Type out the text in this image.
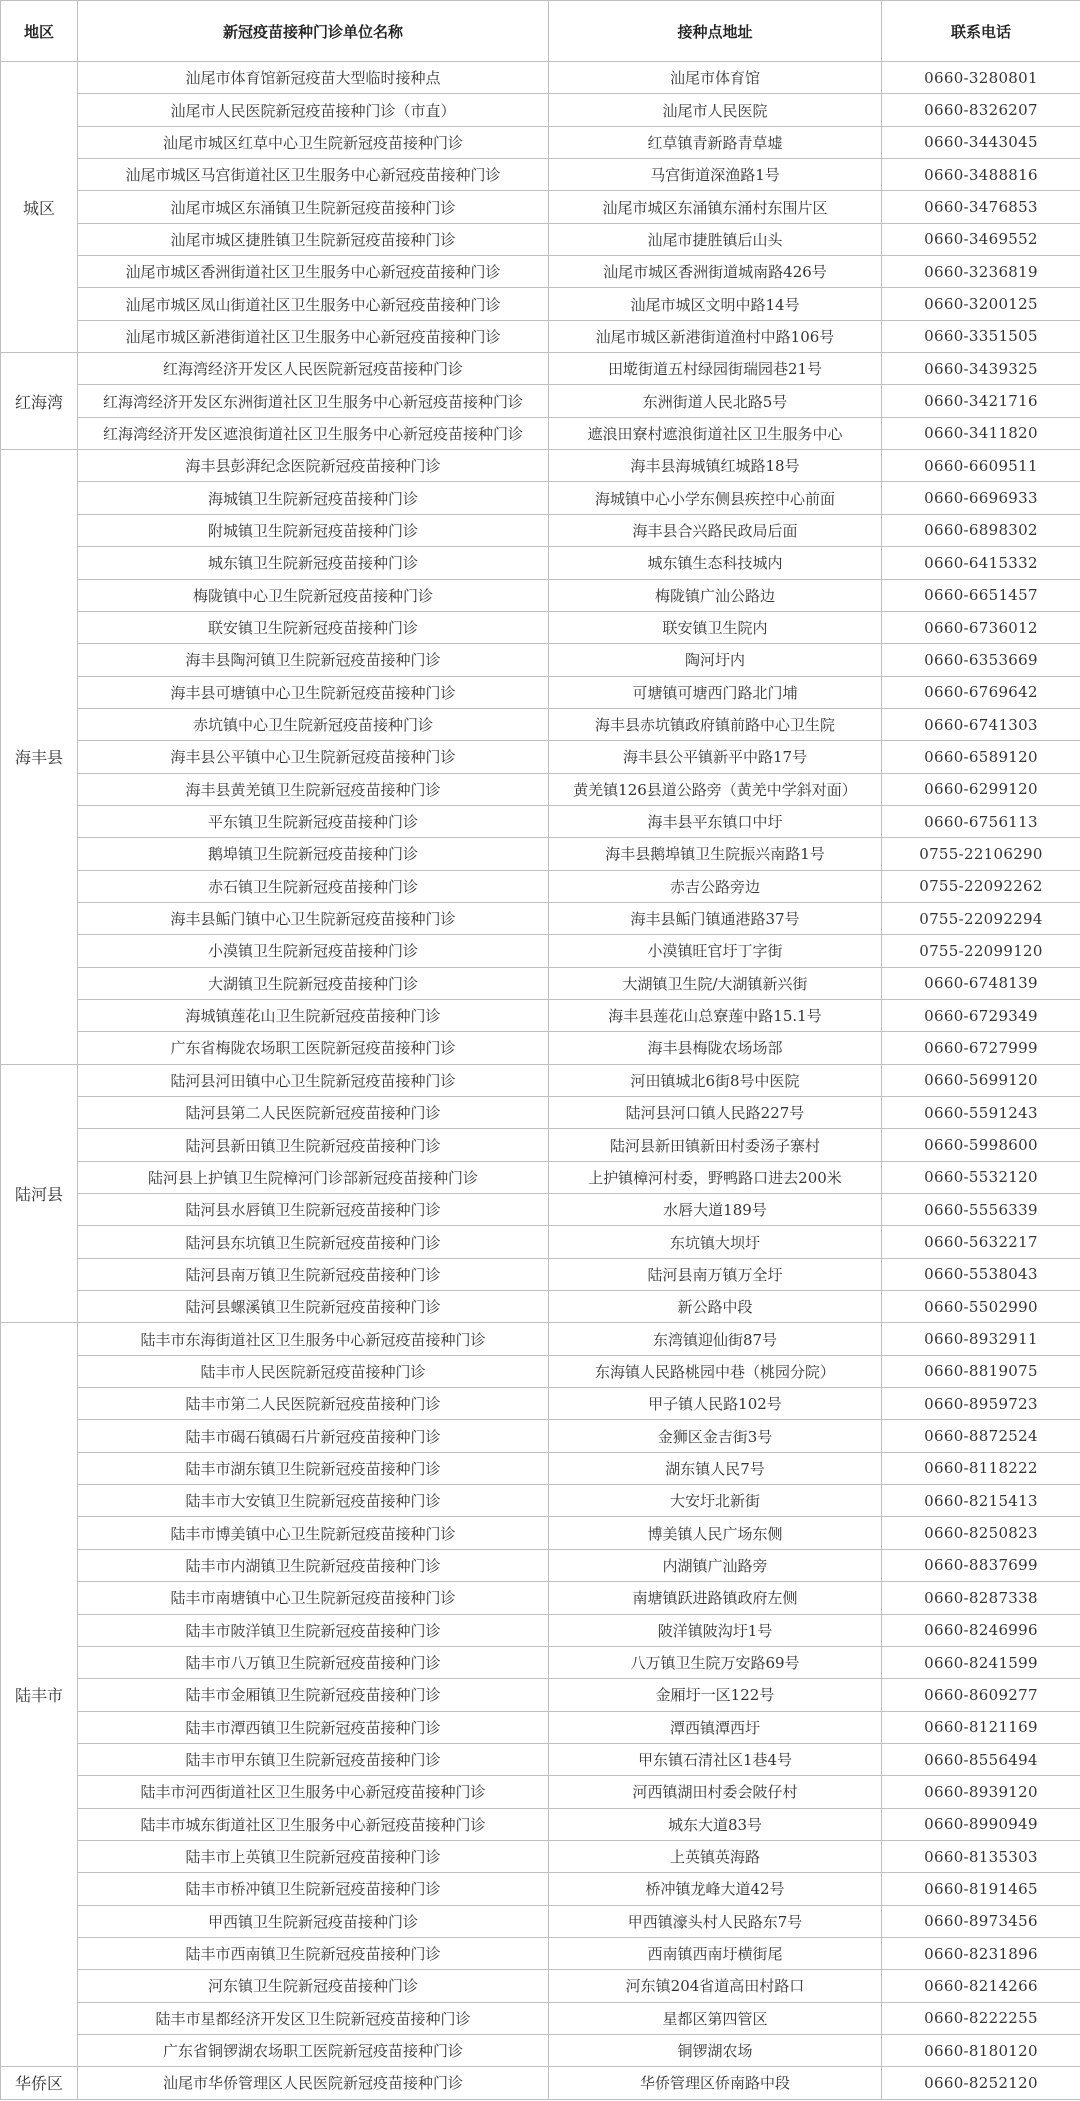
地区	新冠疫苗接种门诊单位名称	接种点地址	联系电话
城区	汕尾市体育馆新冠疫苗大型临时接种点	汕尾市体育馆	0660-3280801
	汕尾市人民医院新冠疫苗接种门诊（市直）	汕尾市人民医院	0660-8326207
	汕尾市城区红草中心卫生院新冠疫苗接种门诊	红草镇青新路青草墟	0660-3443045
	汕尾市城区马宫街道社区卫生服务中心新冠疫苗接种门诊	马宫街道深渔路1号	0660-3488816
	汕尾市城区东涌镇卫生院新冠疫苗接种门诊	汕尾市城区东涌镇东涌村东围片区	0660-3476853
	汕尾市城区捷胜镇卫生院新冠疫苗接种门诊	汕尾市捷胜镇后山头	0660-3469552
	汕尾市城区香洲街道社区卫生服务中心新冠疫苗接种门诊	汕尾市城区香洲街道城南路426号	0660-3236819
	汕尾市城区凤山街道社区卫生服务中心新冠疫苗接种门诊	汕尾市城区文明中路14号	0660-3200125
	汕尾市城区新港街道社区卫生服务中心新冠疫苗接种门诊	汕尾市城区新港街道渔村中路106号	0660-3351505
红海湾	红海湾经济开发区人民医院新冠疫苗接种门诊	田墘街道五村绿园街瑞园巷21号	0660-3439325
	红海湾经济开发区东洲街道社区卫生服务中心新冠疫苗接种门诊	东洲街道人民北路5号	0660-3421716
	红海湾经济开发区遮浪街道社区卫生服务中心新冠疫苗接种门诊	遮浪田寮村遮浪街道社区卫生服务中心	0660-3411820
海丰县	海丰县彭湃纪念医院新冠疫苗接种门诊	海丰县海城镇红城路18号	0660-6609511
	海城镇卫生院新冠疫苗接种门诊	海城镇中心小学东侧县疾控中心前面	0660-6696933
	附城镇卫生院新冠疫苗接种门诊	海丰县合兴路民政局后面	0660-6898302
	城东镇卫生院新冠疫苗接种门诊	城东镇生态科技城内	0660-6415332
	梅陇镇中心卫生院新冠疫苗接种门诊	梅陇镇广汕公路边	0660-6651457
	联安镇卫生院新冠疫苗接种门诊	联安镇卫生院内	0660-6736012
	海丰县陶河镇卫生院新冠疫苗接种门诊	陶河圩内	0660-6353669
	海丰县可塘镇中心卫生院新冠疫苗接种门诊	可塘镇可塘西门路北门埔	0660-6769642
	赤坑镇中心卫生院新冠疫苗接种门诊	海丰县赤坑镇政府镇前路中心卫生院	0660-6741303
	海丰县公平镇中心卫生院新冠疫苗接种门诊	海丰县公平镇新平中路17号	0660-6589120
	海丰县黄羌镇卫生院新冠疫苗接种门诊	黄羌镇126县道公路旁（黄羌中学斜对面）	0660-6299120
	平东镇卫生院新冠疫苗接种门诊	海丰县平东镇口中圩	0660-6756113
	鹅埠镇卫生院新冠疫苗接种门诊	海丰县鹅埠镇卫生院振兴南路1号	0755-22106290
	赤石镇卫生院新冠疫苗接种门诊	赤吉公路旁边	0755-22092262
	海丰县鲘门镇中心卫生院新冠疫苗接种门诊	海丰县鲘门镇通港路37号	0755-22092294
	小漠镇卫生院新冠疫苗接种门诊	小漠镇旺官圩丁字街	0755-22099120
	大湖镇卫生院新冠疫苗接种门诊	大湖镇卫生院/大湖镇新兴街	0660-6748139
	海城镇莲花山卫生院新冠疫苗接种门诊	海丰县莲花山总寮莲中路15.1号	0660-6729349
	广东省梅陇农场职工医院新冠疫苗接种门诊	海丰县梅陇农场场部	0660-6727999
陆河县	陆河县河田镇中心卫生院新冠疫苗接种门诊	河田镇城北6街8号中医院	0660-5699120
	陆河县第二人民医院新冠疫苗接种门诊	陆河县河口镇人民路227号	0660-5591243
	陆河县新田镇卫生院新冠疫苗接种门诊	陆河县新田镇新田村委汤子寨村	0660-5998600
	陆河县上护镇卫生院樟河门诊部新冠疫苗接种门诊	上护镇樟河村委，野鸭路口进去200米	0660-5532120
	陆河县水唇镇卫生院新冠疫苗接种门诊	水唇大道189号	0660-5556339
	陆河县东坑镇卫生院新冠疫苗接种门诊	东坑镇大坝圩	0660-5632217
	陆河县南万镇卫生院新冠疫苗接种门诊	陆河县南万镇万全圩	0660-5538043
	陆河县螺溪镇卫生院新冠疫苗接种门诊	新公路中段	0660-5502990
陆丰市	陆丰市东海街道社区卫生服务中心新冠疫苗接种门诊	东湾镇迎仙街87号	0660-8932911
	陆丰市人民医院新冠疫苗接种门诊	东海镇人民路桃园中巷（桃园分院）	0660-8819075
	陆丰市第二人民医院新冠疫苗接种门诊	甲子镇人民路102号	0660-8959723
	陆丰市碣石镇碣石片新冠疫苗接种门诊	金狮区金吉街3号	0660-8872524
	陆丰市湖东镇卫生院新冠疫苗接种门诊	湖东镇人民7号	0660-8118222
	陆丰市大安镇卫生院新冠疫苗接种门诊	大安圩北新街	0660-8215413
	陆丰市博美镇中心卫生院新冠疫苗接种门诊	博美镇人民广场东侧	0660-8250823
	陆丰市内湖镇卫生院新冠疫苗接种门诊	内湖镇广汕路旁	0660-8837699
	陆丰市南塘镇中心卫生院新冠疫苗接种门诊	南塘镇跃进路镇政府左侧	0660-8287338
	陆丰市陂洋镇卫生院新冠疫苗接种门诊	陂洋镇陂沟圩1号	0660-8246996
	陆丰市八万镇卫生院新冠疫苗接种门诊	八万镇卫生院万安路69号	0660-8241599
	陆丰市金厢镇卫生院新冠疫苗接种门诊	金厢圩一区122号	0660-8609277
	陆丰市潭西镇卫生院新冠疫苗接种门诊	潭西镇潭西圩	0660-8121169
	陆丰市甲东镇卫生院新冠疫苗接种门诊	甲东镇石清社区1巷4号	0660-8556494
	陆丰市河西街道社区卫生服务中心新冠疫苗接种门诊	河西镇湖田村委会陂仔村	0660-8939120
	陆丰市城东街道社区卫生服务中心新冠疫苗接种门诊	城东大道83号	0660-8990949
	陆丰市上英镇卫生院新冠疫苗接种门诊	上英镇英海路	0660-8135303
	陆丰市桥冲镇卫生院新冠疫苗接种门诊	桥冲镇龙峰大道42号	0660-8191465
	甲西镇卫生院新冠疫苗接种门诊	甲西镇濠头村人民路东7号	0660-8973456
	陆丰市西南镇卫生院新冠疫苗接种门诊	西南镇西南圩横街尾	0660-8231896
	河东镇卫生院新冠疫苗接种门诊	河东镇204省道高田村路口	0660-8214266
	陆丰市星都经济开发区卫生院新冠疫苗接种门诊	星都区第四管区	0660-8222255
	广东省铜锣湖农场职工医院新冠疫苗接种门诊	铜锣湖农场	0660-8180120
华侨区	汕尾市华侨管理区人民医院新冠疫苗接种门诊	华侨管理区侨南路中段	0660-8252120
